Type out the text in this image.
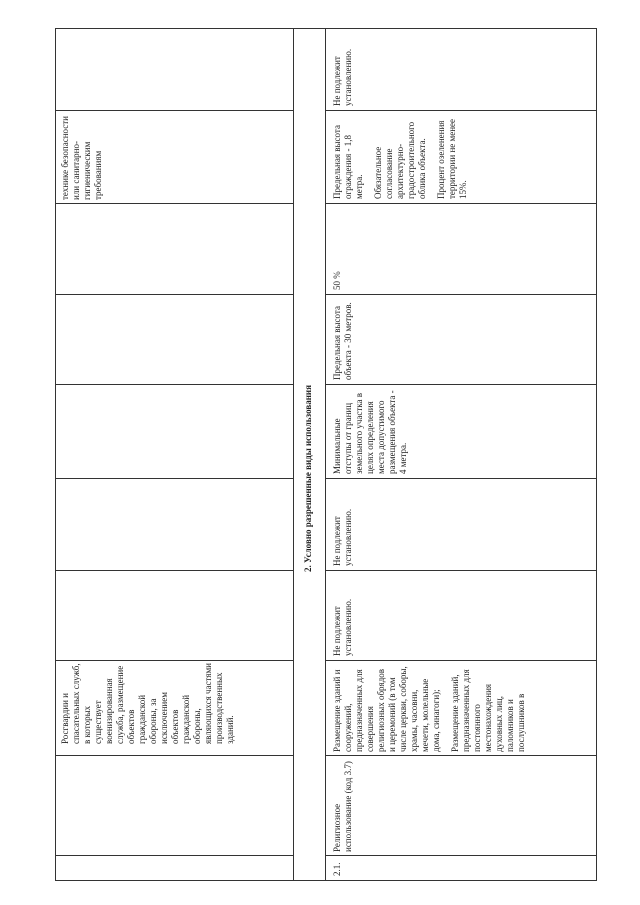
Росгвардии и спасательных служб, в которых существует военизированная служба, размещение объектов гражданской обороны, за исключением объектов гражданской обороны, являющихся частями производственных зданий.
технике безопасности или санитарно-гигиеническим требованиям
2. Условно разрешенные виды использования
2.1.
Религиозное использование (код 3.7)

Размещение зданий и сооружений, предназначенных для совершения религиозных обрядов и церемоний (в том числе церкви, соборы, храмы, часовни, мечети, молельные дома, синагоги); Размещение зданий, предназначенных для постоянного местонахождения духовных лиц, паломников и послушников в

Не подлежит установлению.
Не подлежит установлению.
Минимальные отступы от границ земельного участка в целях определения места допустимого размещения объекта - 4 метра.
Предельная высота объекта - 30 метров.
50 %

Предельная высота ограждения - 1,8 метра. Обязательное согласование архитектурно-градостроительного облика объекта. Процент озеленения территории не менее 15%.

Не подлежит установлению.
